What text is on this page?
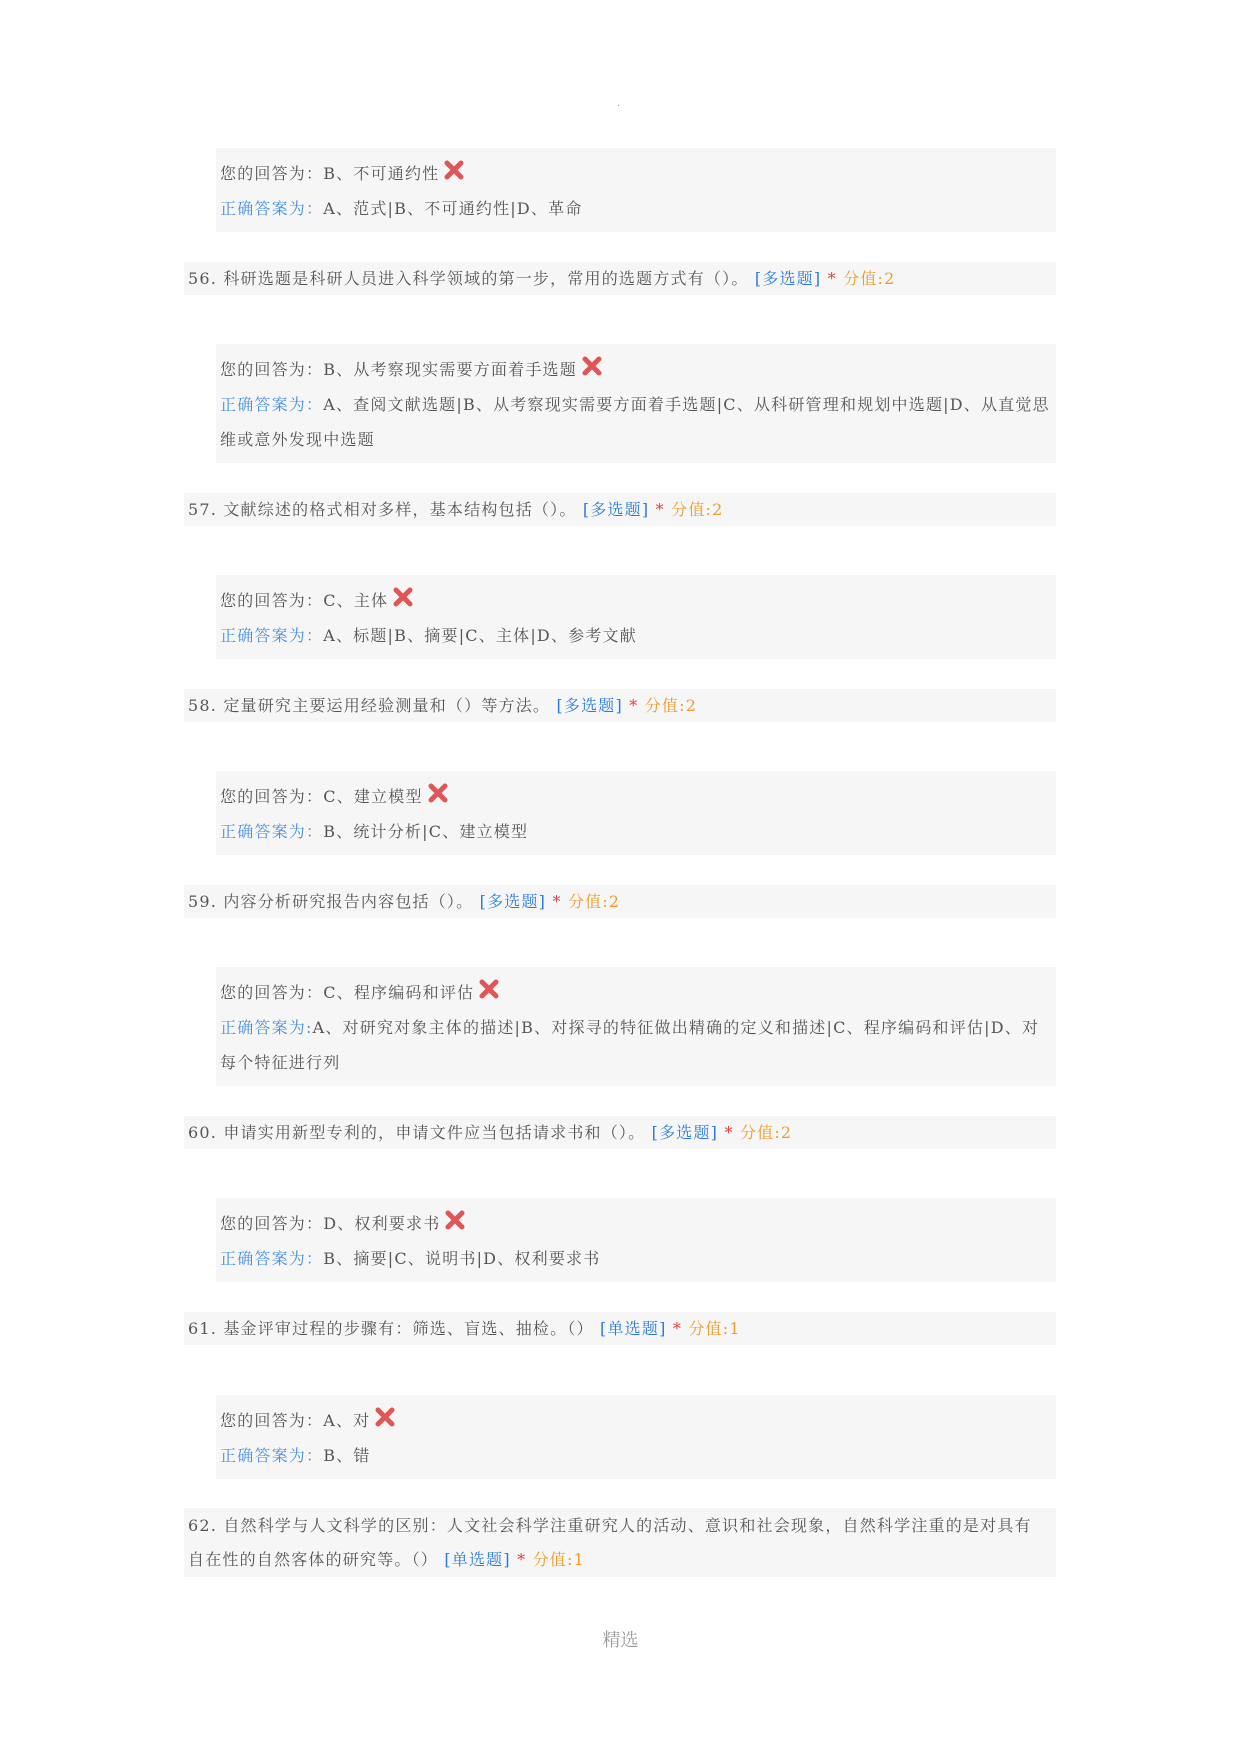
.
您的回答为：B、不可通约性
正确答案为：A、范式|B、不可通约性|D、革命
56. 科研选题是科研人员进入科学领域的第一步，常用的选题方式有（）。 [多选题] * 分值:2
您的回答为：B、从考察现实需要方面着手选题
正确答案为：A、查阅文献选题|B、从考察现实需要方面着手选题|C、从科研管理和规划中选题|D、从直觉思维或意外发现中选题
57. 文献综述的格式相对多样，基本结构包括（）。 [多选题] * 分值:2
您的回答为：C、主体
正确答案为：A、标题|B、摘要|C、主体|D、参考文献
58. 定量研究主要运用经验测量和（）等方法。 [多选题] * 分值:2
您的回答为：C、建立模型
正确答案为：B、统计分析|C、建立模型
59. 内容分析研究报告内容包括（）。 [多选题] * 分值:2
您的回答为：C、程序编码和评估
正确答案为:A、对研究对象主体的描述|B、对探寻的特征做出精确的定义和描述|C、程序编码和评估|D、对每个特征进行列
60. 申请实用新型专利的，申请文件应当包括请求书和（）。 [多选题] * 分值:2
您的回答为：D、权利要求书
正确答案为：B、摘要|C、说明书|D、权利要求书
61. 基金评审过程的步骤有：筛选、盲选、抽检。（） [单选题] * 分值:1
您的回答为：A、对
正确答案为：B、错
62. 自然科学与人文科学的区别：人文社会科学注重研究人的活动、意识和社会现象，自然科学注重的是对具有自在性的自然客体的研究等。（） [单选题] * 分值:1
精选
